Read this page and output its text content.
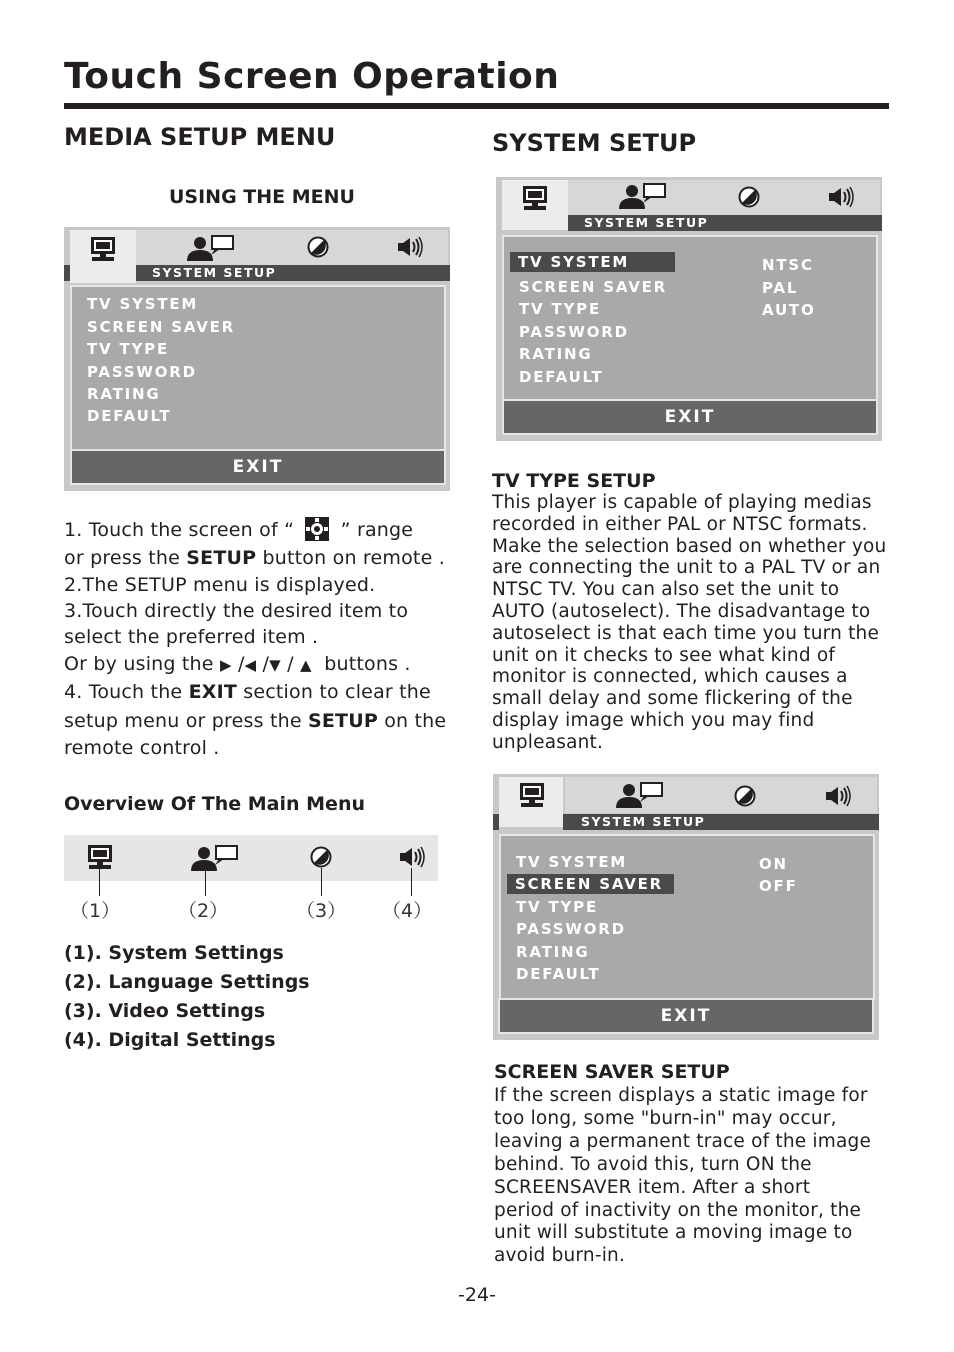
Touch Screen Operation
MEDIA SETUP MENU
USING THE MENU
SYSTEM SETUP
TV SYSTEM
SCREEN SAVER
TV TYPE
PASSWORD
RATING
DEFAULT
EXIT
1. Touch the screen of “ ” range
or press the SETUP button on remote .
2.The SETUP menu is displayed.
3.Touch directly the desired item to
select the preferred item .
Or by using the ▶ /◀ /▼ / ▲ buttons .
4. Touch the EXIT section to clear the
setup menu or press the SETUP on the
remote control .
Overview Of The Main Menu
（1）	（2）	（3） （4）
(1). System Settings
(2). Language Settings
(3). Video Settings
(4). Digital Settings
SYSTEM SETUP
SYSTEM SETUP
TV SYSTEM
SCREEN SAVER
TV TYPE
PASSWORD
RATING
DEFAULT
NTSC
PAL
AUTO
EXIT
TV TYPE SETUP
This player is capable of playing medias
recorded in either PAL or NTSC formats.
Make the selection based on whether you
are connecting the unit to a PAL TV or an
NTSC TV. You can also set the unit to
AUTO (autoselect). The disadvantage to
autoselect is that each time you turn the
unit on it checks to see what kind of
monitor is connected, which causes a
small delay and some flickering of the
display image which you may find
unpleasant.
SYSTEM SETUP
TV SYSTEM
SCREEN SAVER
TV TYPE
PASSWORD
RATING
DEFAULT
ON
OFF
EXIT
SCREEN SAVER SETUP
If the screen displays a static image for
too long, some "burn-in" may occur,
leaving a permanent trace of the image
behind. To avoid this, turn ON the
SCREENSAVER item. After a short
period of inactivity on the monitor, the
unit will substitute a moving image to
avoid burn-in.
-24-
